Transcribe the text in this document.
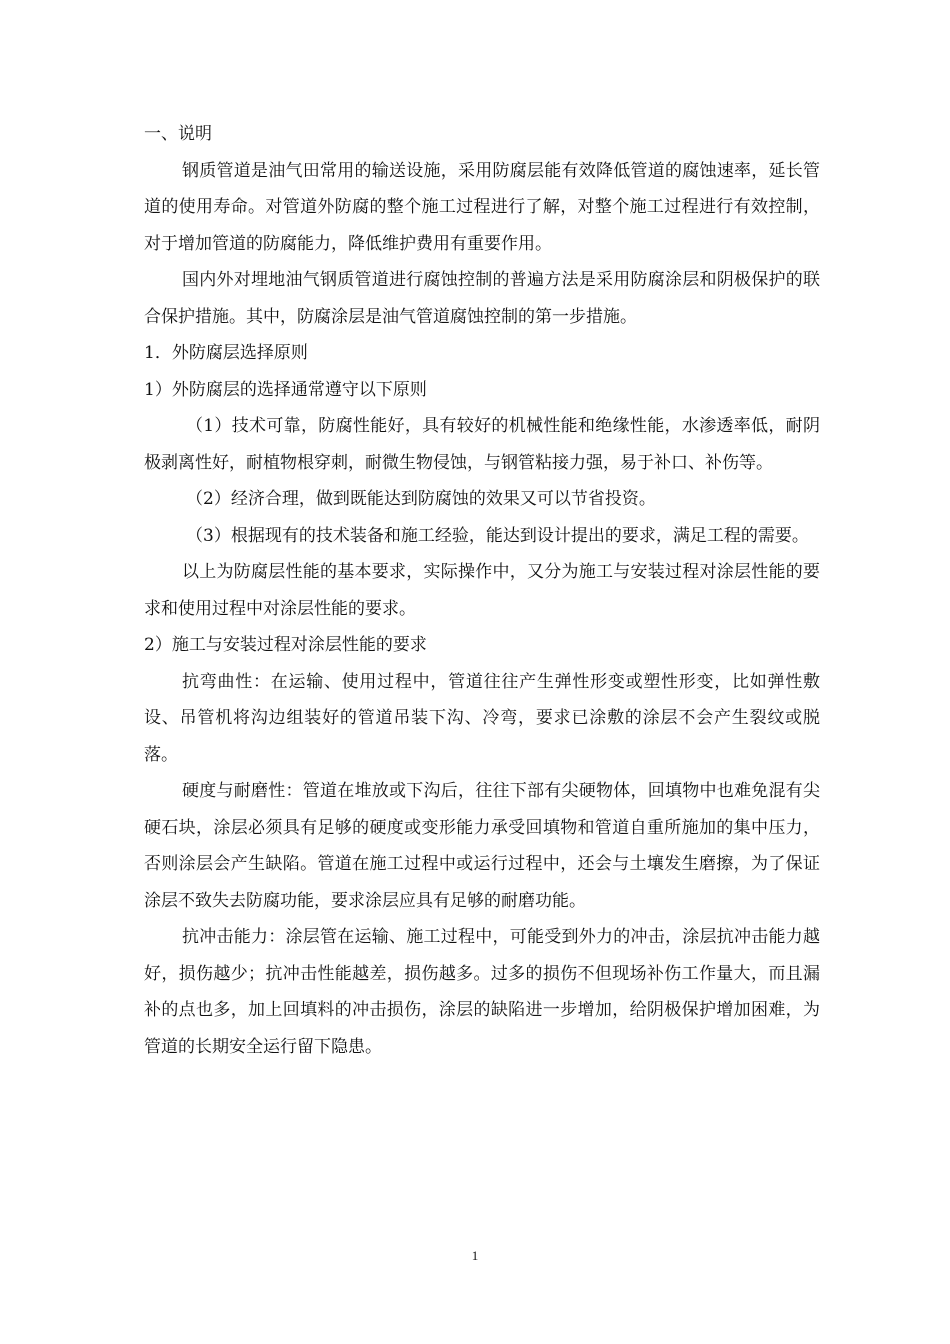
一、说明

钢质管道是油气田常用的输送设施，采用防腐层能有效降低管道的腐蚀速率，延长管道的使用寿命。对管道外防腐的整个施工过程进行了解，对整个施工过程进行有效控制，对于增加管道的防腐能力，降低维护费用有重要作用。

国内外对埋地油气钢质管道进行腐蚀控制的普遍方法是采用防腐涂层和阴极保护的联合保护措施。其中，防腐涂层是油气管道腐蚀控制的第一步措施。

1．外防腐层选择原则

1）外防腐层的选择通常遵守以下原则

（1）技术可靠，防腐性能好，具有较好的机械性能和绝缘性能，水渗透率低，耐阴极剥离性好，耐植物根穿刺，耐微生物侵蚀，与钢管粘接力强，易于补口、补伤等。

（2）经济合理，做到既能达到防腐蚀的效果又可以节省投资。

（3）根据现有的技术装备和施工经验，能达到设计提出的要求，满足工程的需要。

以上为防腐层性能的基本要求，实际操作中，又分为施工与安装过程对涂层性能的要求和使用过程中对涂层性能的要求。

2）施工与安装过程对涂层性能的要求

抗弯曲性：在运输、使用过程中，管道往往产生弹性形变或塑性形变，比如弹性敷设、吊管机将沟边组装好的管道吊装下沟、冷弯，要求已涂敷的涂层不会产生裂纹或脱落。

硬度与耐磨性：管道在堆放或下沟后，往往下部有尖硬物体，回填物中也难免混有尖硬石块，涂层必须具有足够的硬度或变形能力承受回填物和管道自重所施加的集中压力，否则涂层会产生缺陷。管道在施工过程中或运行过程中，还会与土壤发生磨擦，为了保证涂层不致失去防腐功能，要求涂层应具有足够的耐磨功能。

抗冲击能力：涂层管在运输、施工过程中，可能受到外力的冲击，涂层抗冲击能力越好，损伤越少；抗冲击性能越差，损伤越多。过多的损伤不但现场补伤工作量大，而且漏补的点也多，加上回填料的冲击损伤，涂层的缺陷进一步增加，给阴极保护增加困难，为管道的长期安全运行留下隐患。

1
